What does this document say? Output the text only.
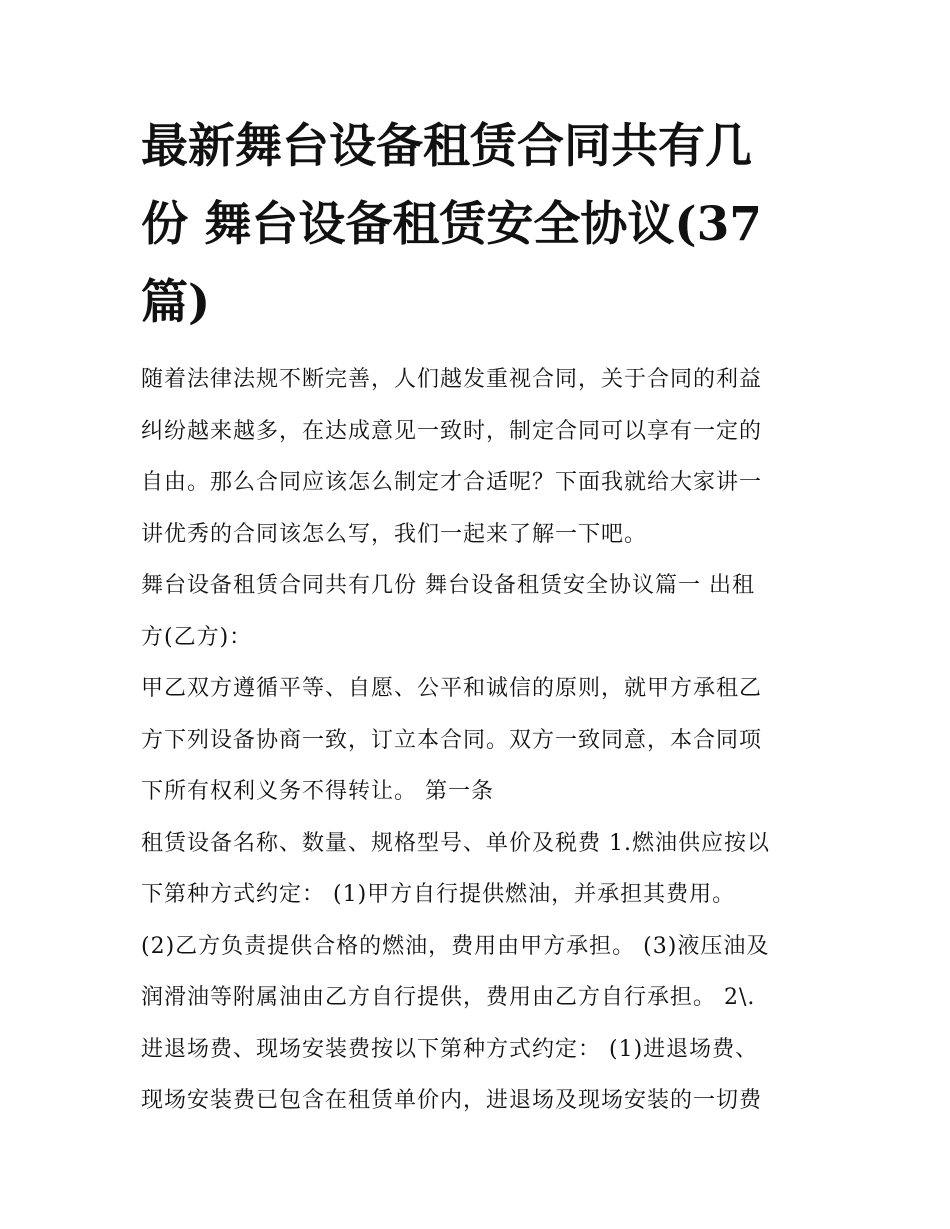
最新舞台设备租赁合同共有几
份 舞台设备租赁安全协议(37
篇)
随着法律法规不断完善，人们越发重视合同，关于合同的利益
纠纷越来越多，在达成意见一致时，制定合同可以享有一定的
自由。那么合同应该怎么制定才合适呢？下面我就给大家讲一
讲优秀的合同该怎么写，我们一起来了解一下吧。
舞台设备租赁合同共有几份 舞台设备租赁安全协议篇一 出租
方(乙方)：
甲乙双方遵循平等、自愿、公平和诚信的原则，就甲方承租乙
方下列设备协商一致，订立本合同。双方一致同意，本合同项
下所有权利义务不得转让。 第一条
租赁设备名称、数量、规格型号、单价及税费 1.燃油供应按以
下第种方式约定： (1)甲方自行提供燃油，并承担其费用。
(2)乙方负责提供合格的燃油，费用由甲方承担。 (3)液压油及
润滑油等附属油由乙方自行提供，费用由乙方自行承担。 2\.
进退场费、现场安装费按以下第种方式约定： (1)进退场费、
现场安装费已包含在租赁单价内，进退场及现场安装的一切费
